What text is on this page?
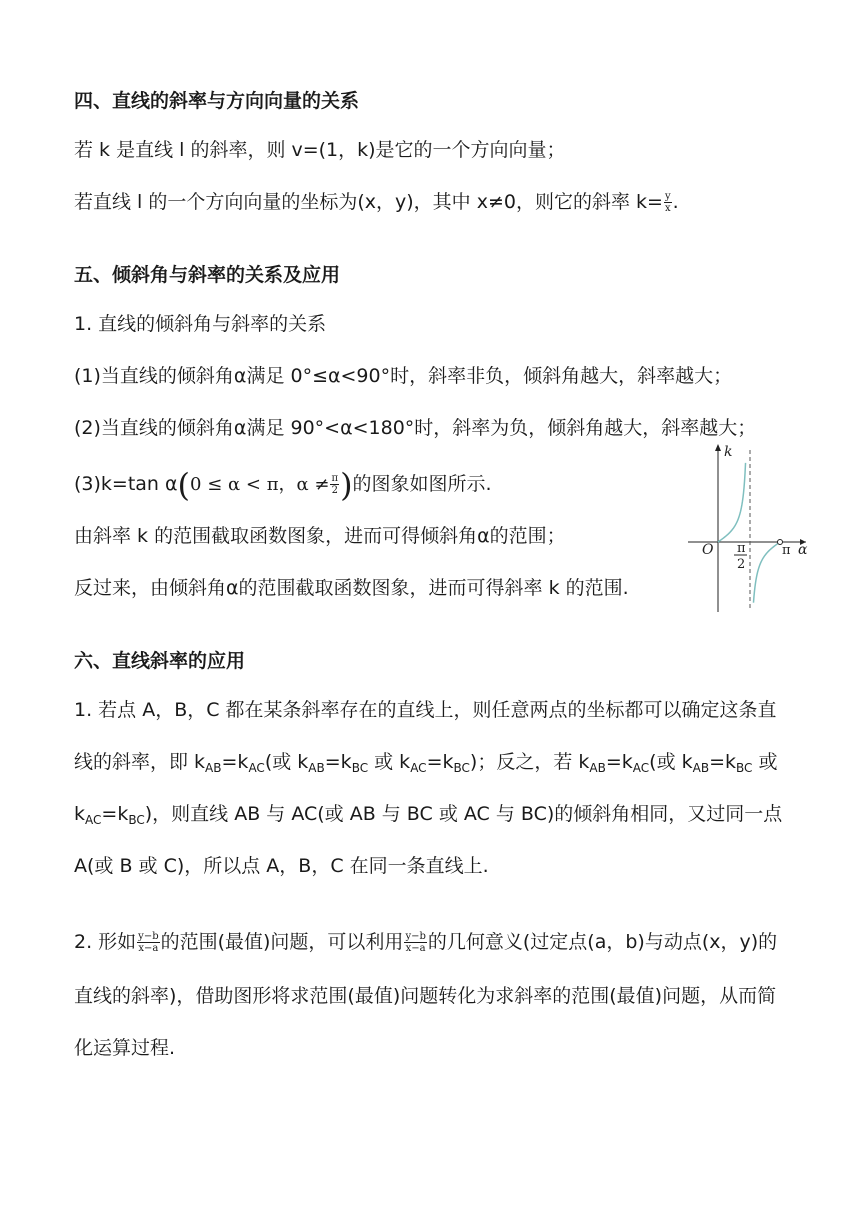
四、直线的斜率与方向向量的关系

若 k 是直线 l 的斜率，则 v=(1，k)是它的一个方向向量；

若直线 l 的一个方向向量的坐标为(x，y)，其中 x≠0，则它的斜率 $k= \frac{y}{x}$ .

五、倾斜角与斜率的关系及应用

1. 直线的倾斜角与斜率的关系

(1)当直线的倾斜角α满足 0°≤α<90°时，斜率非负，倾斜角越大，斜率越大；

(2)当直线的倾斜角α满足 90°<α<180°时，斜率为负，倾斜角越大，斜率越大；

(3)k=tan α(0 ≤ α < π，$\alpha \ne \frac{\pi}{2}$ )的图象如图所示.

由斜率 k 的范围截取函数图象，进而可得倾斜角α的范围；

反过来，由倾斜角α的范围截取函数图象，进而可得斜率 k 的范围.

k
α
O π
2
π
六、直线斜率的应用

1. 若点 A，B，C 都在某条斜率存在的直线上，则任意两点的坐标都可以确定这条直

线的斜率，即 $k_{AB}=k_{AC}$(或 $k_{AB}=k_{BC}$ 或 $k_{AC}=k_{BC}$)；反之，若 $k_{AB}=k_{AC}$(或 $k_{AB}=k_{BC}$ 或

$k_{AC}=k_{BC}$)，则直线 AB 与 AC(或 AB 与 BC 或 AC 与 BC)的倾斜角相同，又过同一点

A(或 B 或 C)，所以点 A，B，C 在同一条直线上.

2. 形如 $\frac{y-b}{x-a}$ 的范围(最值)问题，可以利用 $\frac{y-b}{x-a}$ 的几何意义(过定点(a，b)与动点(x，y)的

直线的斜率)，借助图形将求范围(最值)问题转化为求斜率的范围(最值)问题，从而简

化运算过程.
